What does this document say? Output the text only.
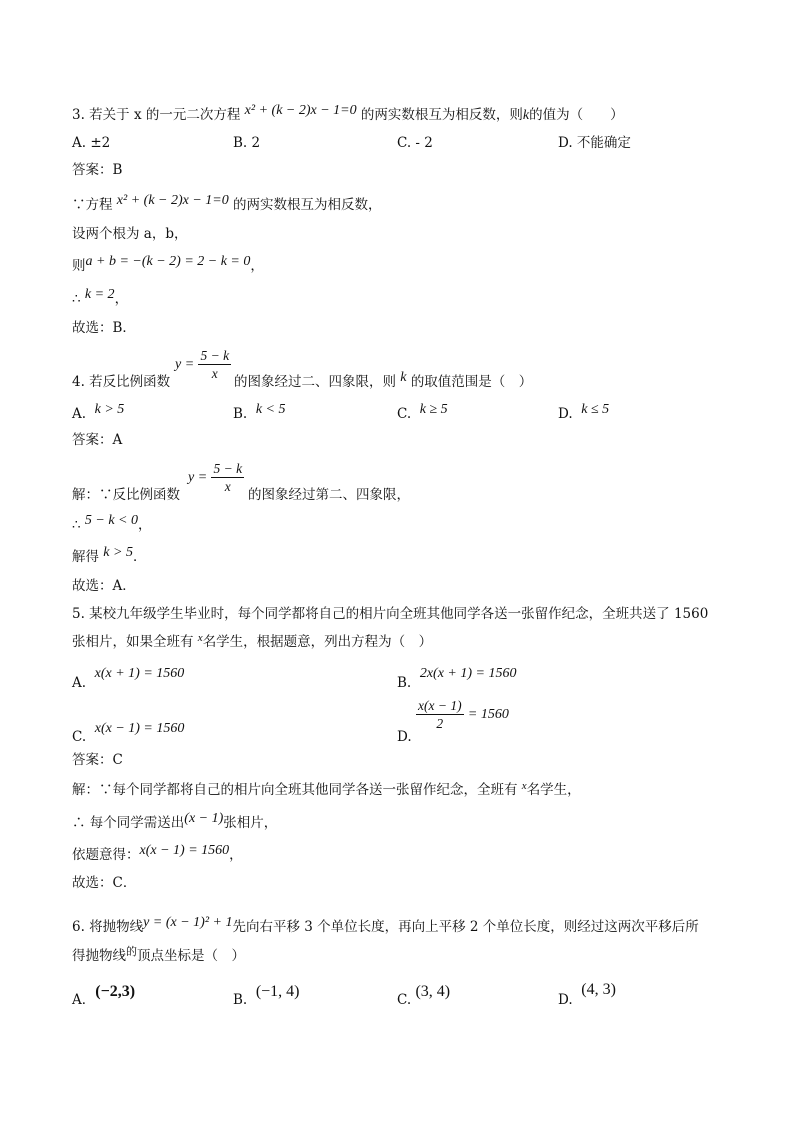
3. 若关于 x 的一元二次方程 x² + (k − 2)x − 1=0 的两实数根互为相反数，则k的值为（　　）
A. ±2	B. 2	C. - 2	D. 不能确定
答案：B
∵方程 x² + (k − 2)x − 1=0 的两实数根互为相反数，
设两个根为 a，b，
则a + b = −(k − 2) = 2 − k = 0，
∴ k = 2，
故选：B．
4. 若反比例函数
$y = \frac{5 - k}{x}$ 的图象经过二、四象限，则 k 的取值范围是（　）
A. k > 5	B. k < 5	C. k ≥ 5	D. k ≤ 5
答案：A
解：∵反比例函数
$y = \frac{5 - k}{x}$ 的图象经过第二、四象限，
∴ 5 − k < 0，
解得 k > 5．
故选：A．
5. 某校九年级学生毕业时，每个同学都将自己的相片向全班其他同学各送一张留作纪念，全班共送了 1560
张相片，如果全班有 $^x$名学生，根据题意，列出方程为（　）
A.  x(x + 1) = 1560
B.  2x(x + 1) = 1560
C.  x(x − 1) = 1560
D.
$\frac{x(x - 1)}{2} = 1560$
答案：C
解：∵每个同学都将自己的相片向全班其他同学各送一张留作纪念，全班有 $^x$名学生，
∴ 每个同学需送出(x − 1)张相片，
依题意得：x(x − 1) = 1560，
故选：C．
6. 将抛物线y = (x − 1)² + 1先向右平移 3 个单位长度，再向上平移 2 个单位长度，则经过这两次平移后所
得抛物线$^的$顶点坐标是（　）
A．(−2,3)	B. (−1, 4)	C. (3, 4)	D.  (4, 3)
